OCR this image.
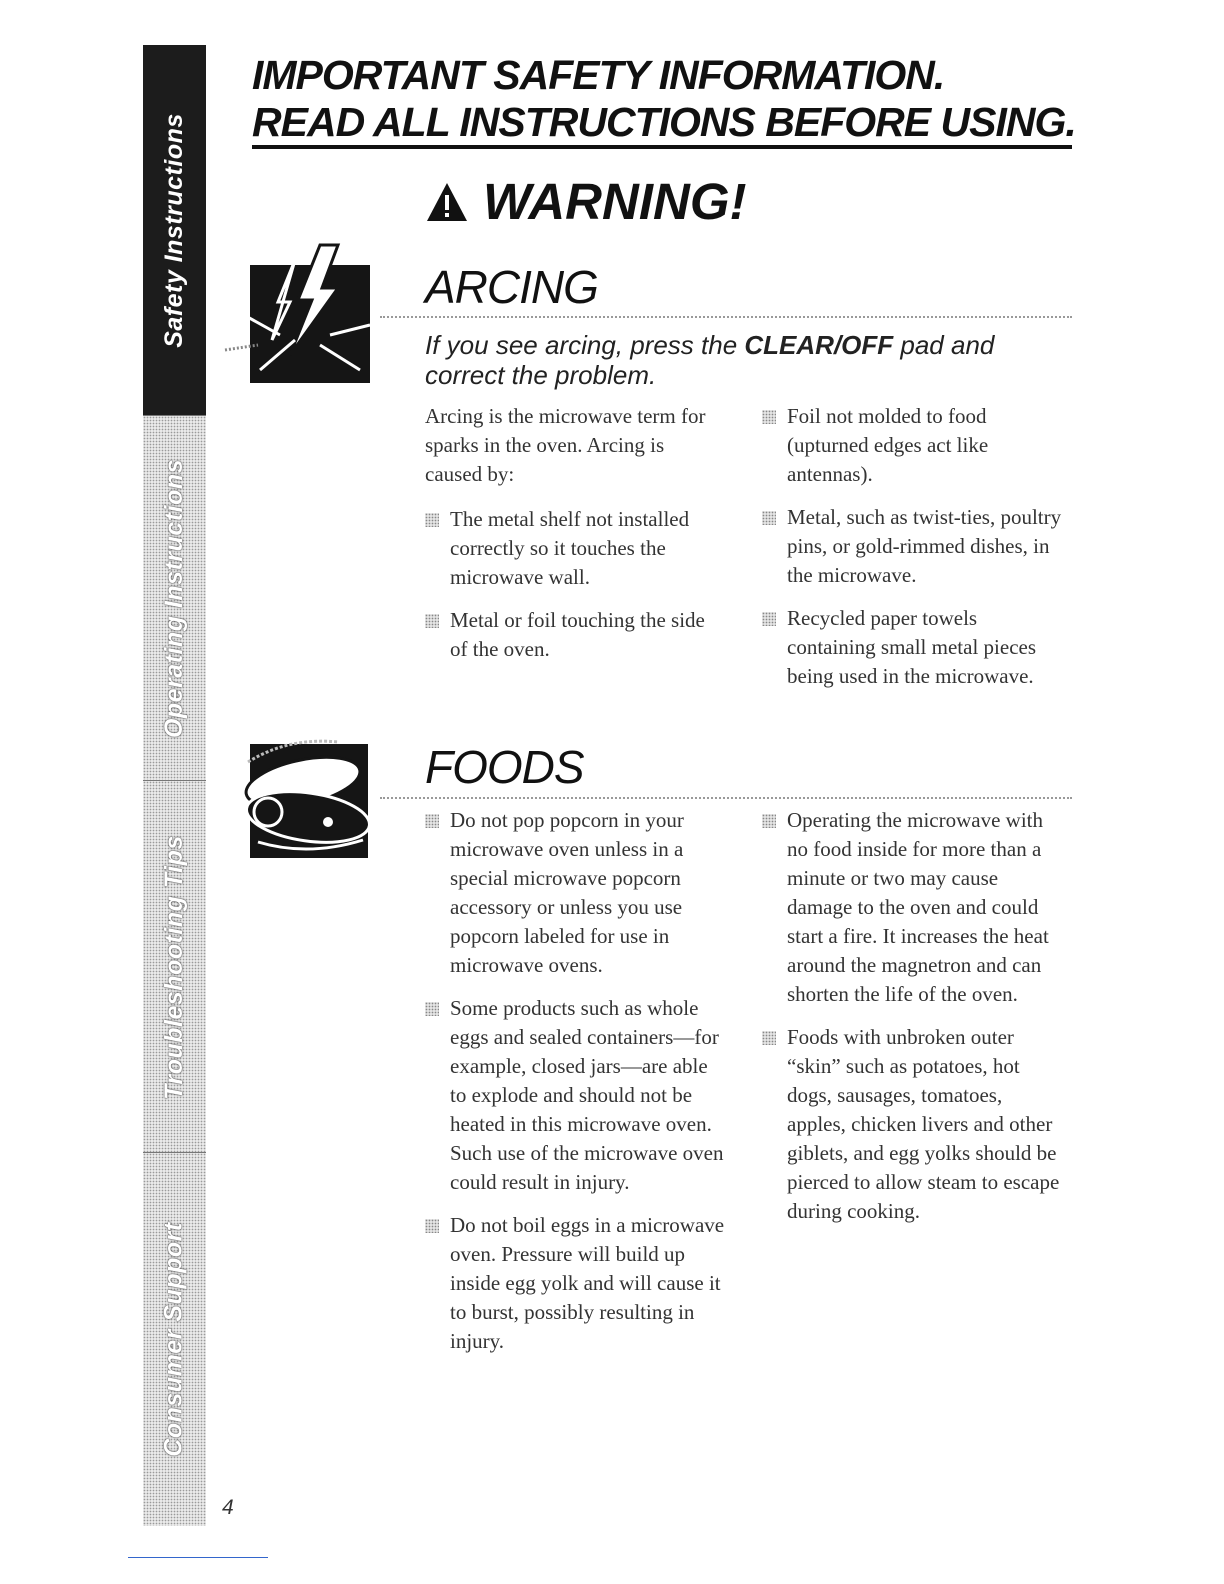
Safety Instructions
Operating Instructions
Troubleshooting Tips
Consumer Support

IMPORTANT SAFETY INFORMATION.

READ ALL INSTRUCTIONS BEFORE USING.

WARNING!
ARCING
If you see arcing, press the CLEAR/OFF pad and correct the problem.

Arcing is the microwave term for sparks in the oven. Arcing is caused by:

The metal shelf not installed correctly so it touches the microwave wall.
Metal or foil touching the side of the oven.
Foil not molded to food (upturned edges act like antennas).
Metal, such as twist-ties, poultry pins, or gold-rimmed dishes, in the microwave.
Recycled paper towels containing small metal pieces being used in the microwave.
FOODS
Do not pop popcorn in your microwave oven unless in a special microwave popcorn accessory or unless you use popcorn labeled for use in microwave ovens.
Some products such as whole eggs and sealed containers—for example, closed jars—are able to explode and should not be heated in this microwave oven. Such use of the microwave oven could result in injury.
Do not boil eggs in a microwave oven. Pressure will build up inside egg yolk and will cause it to burst, possibly resulting in injury.
Operating the microwave with no food inside for more than a minute or two may cause damage to the oven and could start a fire. It increases the heat around the magnetron and can shorten the life of the oven.
Foods with unbroken outer “skin” such as potatoes, hot dogs, sausages, tomatoes, apples, chicken livers and other giblets, and egg yolks should be pierced to allow steam to escape during cooking.
4
